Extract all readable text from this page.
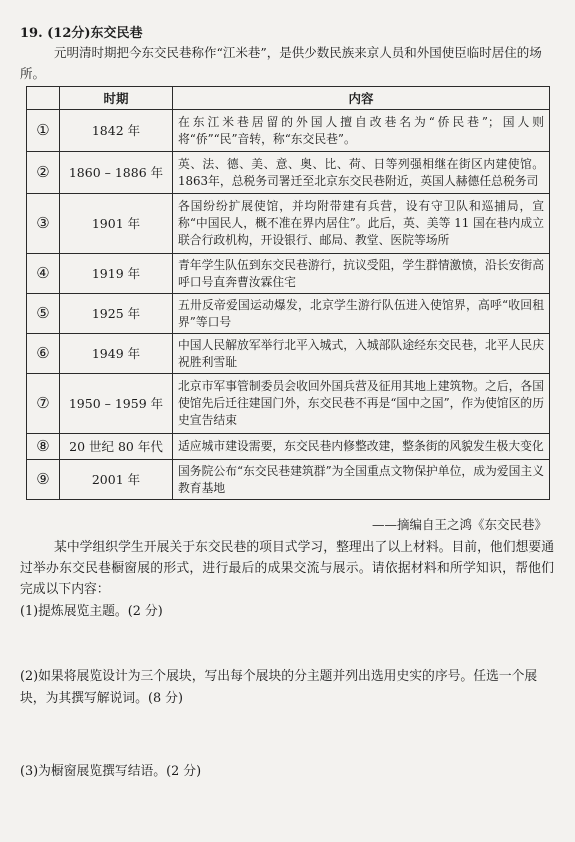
19. (12分)东交民巷
元明清时期把今东交民巷称作“江米巷”，是供少数民族来京人员和外国使臣临时居住的场所。
	时期	内容
①	1842 年	在东江米巷居留的外国人擅自改巷名为“侨民巷”；国人则将“侨”“民”音转，称“东交民巷”。
②	1860 – 1886 年	英、法、德、美、意、奥、比、荷、日等列强相继在街区内建使馆。1863年，总税务司署迁至北京东交民巷附近，英国人赫德任总税务司
③	1901 年	各国纷纷扩展使馆，并均附带建有兵营，设有守卫队和巡捕局，宣称“中国民人，概不准在界内居住”。此后，英、美等 11 国在巷内成立联合行政机构，开设银行、邮局、教堂、医院等场所
④	1919 年	青年学生队伍到东交民巷游行，抗议受阻，学生群情激愤，沿长安街高呼口号直奔曹汝霖住宅
⑤	1925 年	五卅反帝爱国运动爆发，北京学生游行队伍进入使馆界，高呼“收回租界”等口号
⑥	1949 年	中国人民解放军举行北平入城式，入城部队途经东交民巷，北平人民庆祝胜利雪耻
⑦	1950 – 1959 年	北京市军事管制委员会收回外国兵营及征用其地上建筑物。之后，各国使馆先后迁往建国门外，东交民巷不再是“国中之国”，作为使馆区的历史宣告结束
⑧	20 世纪 80 年代	适应城市建设需要，东交民巷内修整改建，整条街的风貌发生极大变化
⑨	2001 年	国务院公布“东交民巷建筑群”为全国重点文物保护单位，成为爱国主义教育基地
——摘编自王之鸿《东交民巷》
某中学组织学生开展关于东交民巷的项目式学习，整理出了以上材料。目前，他们想要通过举办东交民巷橱窗展的形式，进行最后的成果交流与展示。请依据材料和所学知识，帮他们完成以下内容：
(1)提炼展览主题。(2 分)
(2)如果将展览设计为三个展块，写出每个展块的分主题并列出选用史实的序号。任选一个展块，为其撰写解说词。(8 分)
(3)为橱窗展览撰写结语。(2 分)
